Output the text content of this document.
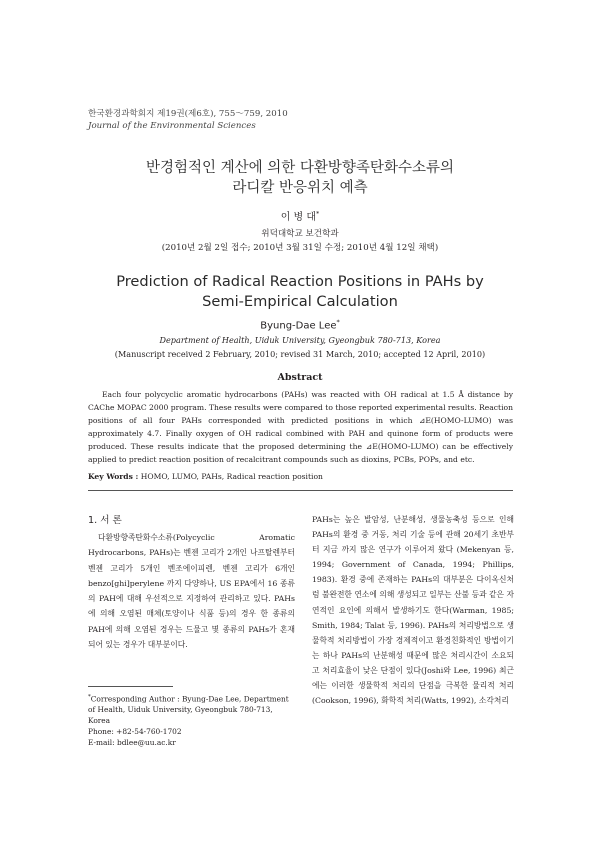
한국환경과학회지 제19권(제6호), 755～759, 2010
Journal of the Environmental Sciences
반경험적인 계산에 의한 다환방향족탄화수소류의
라디칼 반응위치 예측
이 병 대*
위덕대학교 보건학과
(2010년 2월 2일 접수; 2010년 3월 31일 수정; 2010년 4월 12일 채택)
Prediction of Radical Reaction Positions in PAHs by
Semi-Empirical Calculation
Byung-Dae Lee*
Department of Health, Uiduk University, Gyeongbuk 780-713, Korea
(Manuscript received 2 February, 2010; revised 31 March, 2010; accepted 12 April, 2010)
Abstract

Each four polycyclic aromatic hydrocarbons (PAHs) was reacted with OH radical at 1.5 Å distance by CAChe MOPAC 2000 program. These results were compared to those reported experimental results. Reaction positions of all four PAHs corresponded with predicted positions in which ⊿E(HOMO-LUMO) was approximately 4.7. Finally oxygen of OH radical combined with PAH and quinone form of products were produced. These results indicate that the proposed determining the ⊿E(HOMO-LUMO) can be effectively applied to predict reaction position of recalcitrant compounds such as dioxins, PCBs, POPs, and etc.

Key Words : HOMO, LUMO, PAHs, Radical reaction position
1. 서 론

다환방향족탄화수소류(Polycyclic Aromatic Hydrocarbons, PAHs)는 벤젠 고리가 2개인 나프탈렌부터 벤젠 고리가 5개인 벤조에이피렌, 벤젠 고리가 6개인 benzo[ghi]perylene 까지 다양하나, US EPA에서 16 종류의 PAH에 대해 우선적으로 지정하여 관리하고 있다. PAHs에 의해 오염된 매체(토양이나 식품 등)의 경우 한 종류의 PAH에 의해 오염된 경우는 드물고 몇 종류의 PAHs가 혼재되어 있는 경우가 대부분이다.

*Corresponding Author : Byung-Dae Lee, Department of Health, Uiduk University, Gyeongbuk 780-713, Korea
Phone: +82-54-760-1702
E-mail: bdlee@uu.ac.kr

PAHs는 높은 발암성, 난분해성, 생물농축성 등으로 인해 PAHs의 환경 중 거동, 처리 기술 등에 관해 20세기 초반부터 지금 까지 많은 연구가 이루어져 왔다 (Mekenyan 등, 1994; Government of Canada, 1994; Phillips, 1983). 환경 중에 존재하는 PAHs의 대부분은 다이옥신처럼 불완전한 연소에 의해 생성되고 일부는 산불 등과 같은 자연적인 요인에 의해서 발생하기도 한다(Warman, 1985; Smith, 1984; Talat 등, 1996). PAHs의 처리방법으로 생물학적 처리방법이 가장 경제적이고 환경친화적인 방법이기는 하나 PAHs의 난분해성 때문에 많은 처리시간이 소요되고 처리효율이 낮은 단점이 있다(Joshi와 Lee, 1996) 최근에는 이러한 생물학적 처리의 단점을 극복한 물리적 처리 (Cookson, 1996), 화학적 처리(Watts, 1992), 소각처리
